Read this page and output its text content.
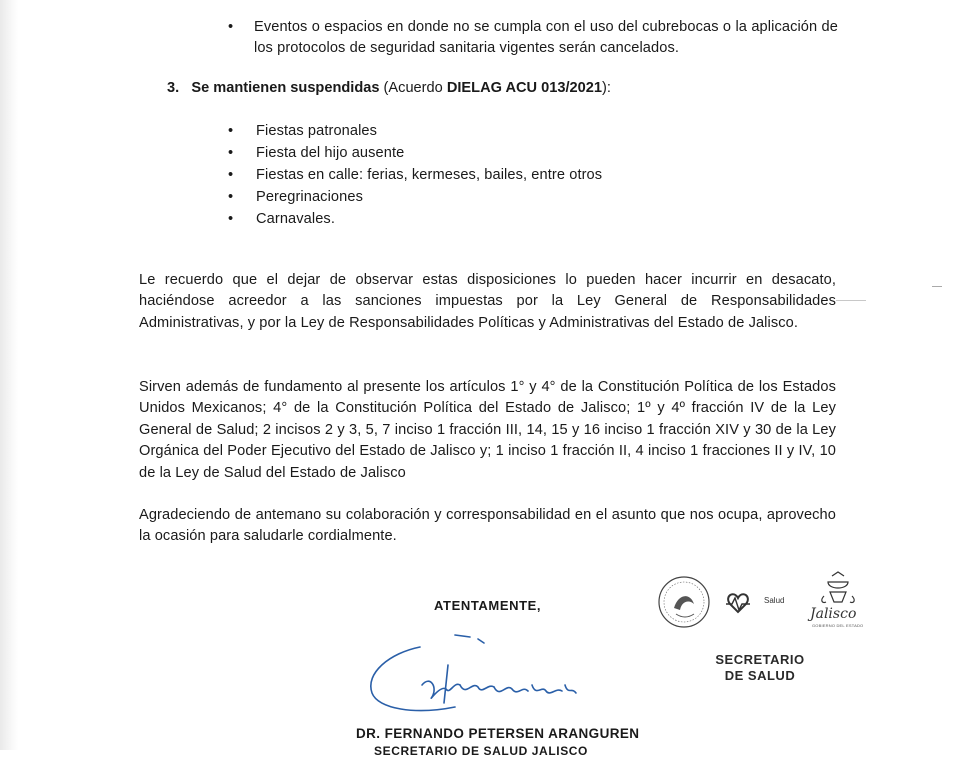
• Eventos o espacios en donde no se cumpla con el uso del cubrebocas o la aplicación de los protocolos de seguridad sanitaria vigentes serán cancelados.
3. Se mantienen suspendidas (Acuerdo DIELAG ACU 013/2021):
• Fiestas patronales
• Fiesta del hijo ausente
• Fiestas en calle: ferias, kermeses, bailes, entre otros
• Peregrinaciones
• Carnavales.
Le recuerdo que el dejar de observar estas disposiciones lo pueden hacer incurrir en desacato, haciéndose acreedor a las sanciones impuestas por la Ley General de Responsabilidades Administrativas, y por la Ley de Responsabilidades Políticas y Administrativas del Estado de Jalisco.
Sirven además de fundamento al presente los artículos 1° y 4° de la Constitución Política de los Estados Unidos Mexicanos; 4° de la Constitución Política del Estado de Jalisco; 1º y 4º fracción IV de la Ley General de Salud; 2 incisos 2 y 3, 5, 7 inciso 1 fracción III, 14, 15 y 16 inciso 1 fracción XIV y 30 de la Ley Orgánica del Poder Ejecutivo del Estado de Jalisco y; 1 inciso 1 fracción II, 4 inciso 1 fracciones II y IV, 10 de la Ley de Salud del Estado de Jalisco
Agradeciendo de antemano su colaboración y corresponsabilidad en el asunto que nos ocupa, aprovecho la ocasión para saludarle cordialmente.
ATENTAMENTE,
DR. FERNANDO PETERSEN ARANGUREN
SECRETARIO DE SALUD JALISCO
Salud
Jalisco
GOBIERNO DEL ESTADO
SECRETARIO
DE SALUD
